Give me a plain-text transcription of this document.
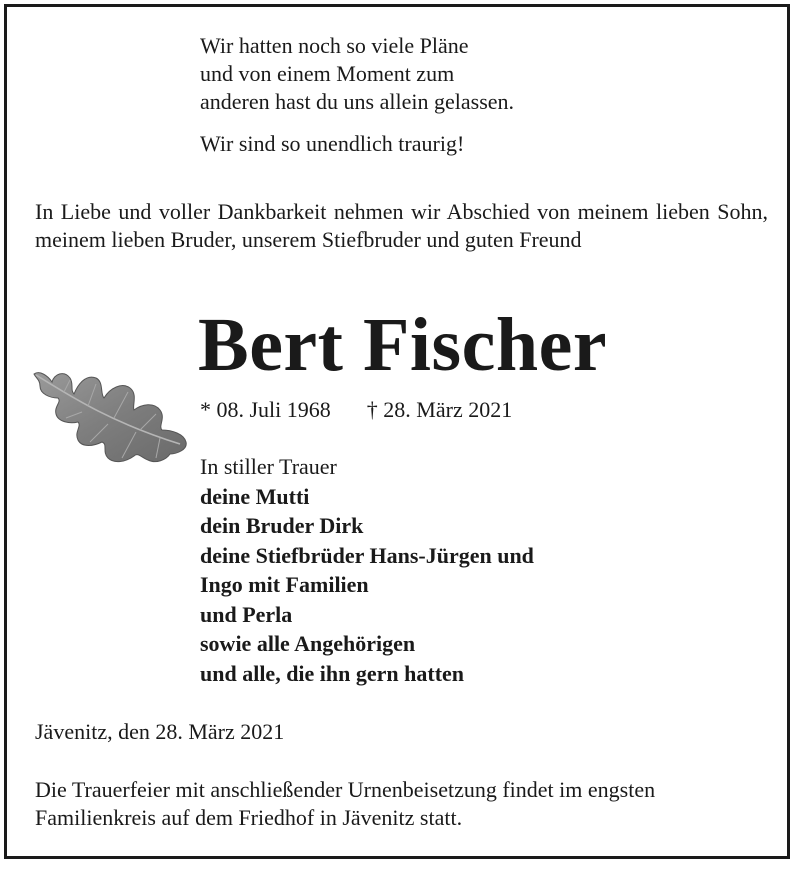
Wir hatten noch so viele Pläne
und von einem Moment zum
anderen hast du uns allein gelassen.
Wir sind so unendlich traurig!
In Liebe und voller Dankbarkeit nehmen wir Abschied von meinem lieben Sohn, meinem lieben Bruder, unserem Stiefbruder und guten Freund
Bert Fischer
* 08. Juli 1968 † 28. März 2021
In stiller Trauer
deine Mutti
dein Bruder Dirk
deine Stiefbrüder Hans-Jürgen und
Ingo mit Familien
und Perla
sowie alle Angehörigen
und alle, die ihn gern hatten
Jävenitz, den 28. März 2021
Die Trauerfeier mit anschließender Urnenbeisetzung findet im engsten
Familienkreis auf dem Friedhof in Jävenitz statt.
